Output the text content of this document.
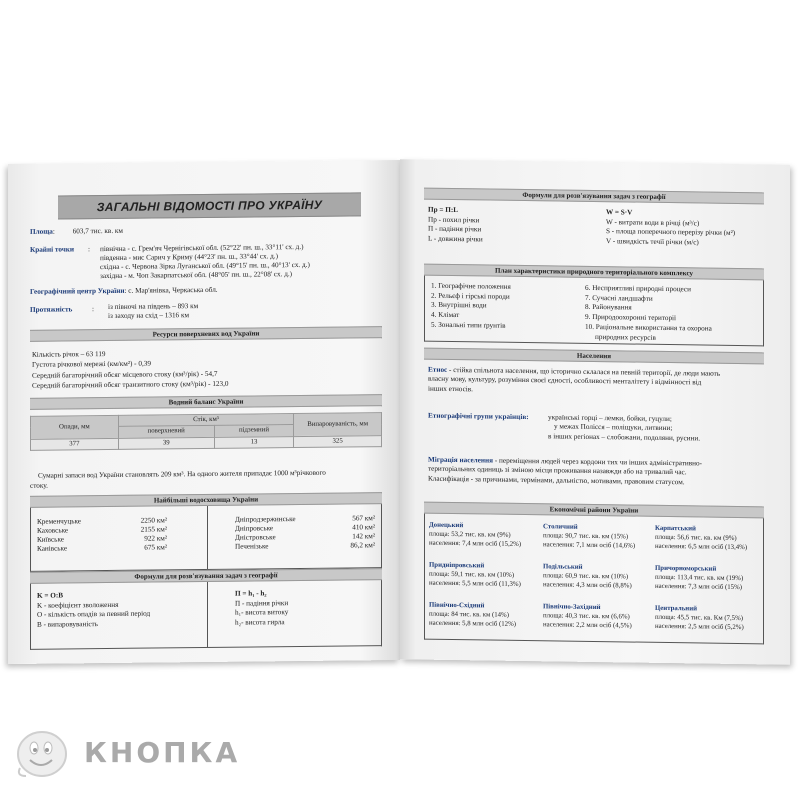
ЗАГАЛЬНІ ВІДОМОСТІ ПРО УКРАЇНУ
Площа: 603,7 тис. кв. км
Крайні точки : північна - с. Грем'яч Чернігівської обл. (52°22' пн. ш., 33°11' сх. д.)
південна - мис Сарич у Криму (44°23' пн. ш., 33°44' сх. д.)
східна - с. Червона Зірка Луганської обл. (49°15' пн. ш., 40°13' сх. д.)
західна - м. Чоп Закарпатської обл. (48°05' пн. ш., 22°08' сх. д.)
Географічний центр України: с. Мар'янівка, Черкаська обл.
Протяжність	: із півночі на південь – 893 км
із заходу на схід – 1316 км
Ресурси поверхневих вод України
Кількість річок – 63 119
Густота річкової мережі (км/км²) - 0,39
Середній багаторічний обсяг місцевого стоку (км³/рік) - 54,7
Середній багаторічний обсяг транзитного стоку (км³/рік) - 123,0
Водний баланс України
Опади, мм	Стік, км³		Випаровуваність, мм
	поверхневий	підземний	
377	39	13	325
Сумарні запаси вод України становлять 209 км³. На одного жителя припадає 1000 м³річкового
стоку.
Найбільші водосховища України
Кременчуцьке	2250 км²
Каховське	2155 км²
Київське	922 км²
Канівське	675 км²
Дніпродзержинське	567 км²
Дніпровське	410 км²
Дністровське	142 км²
Печенізьке	86,2 км²
Формули для розв'язування задач з географії
K = O:B
K - коефіцієнт зволоження
O - кількість опадів за певний період
B - випаровуваність
П = h₁ - h₂
П - падіння річки
h₁- висота витоку
h₂- висота гирла
Формули для розв'язування задач з географії
Пр = П:L
Пр - похил річки
П - падіння річки
L - довжина річки
W = S·V
W - витрати води в річці (м³/с)
S - площа поперечного перерізу річки (м²)
V - швидкість течії річки (м/с)
План характеристики природного територіального комплексу
1. Географічне положення
2. Рельєф і гірські породи
3. Внутрішні води
4. Клімат
5. Зональні типи ґрунтів
6. Несприятливі природні процеси
7. Сучасні ландшафти
8. Районування
9. Природоохоронні території
10. Раціональне використання та охорона
природних ресурсів
Населення
Етнос - стійка спільнота населення, що історично склалася на певній території, де люди мають
власну мову, культуру, розуміння своєї єдності, особливості менталітету і відмінності від
інших етносів.
Етнографічні групи українців:	українські горці – лемки, бойки, гуцули;
у межах Полісся – поліщуки, литвини;
в інших регіонах – слобожани, подоляни, русини.
Міграція населення - переміщення людей через кордони тих чи інших адміністративно-
територіальних одиниць зі зміною місця проживання назавжди або на тривалий час.
Класифікація - за причинами, термінами, дальністю, мотивами, правовим статусом.
Економічні райони України
Донецький
площа: 53,2 тис. кв. км (9%)
населення: 7,4 млн осіб (15,2%)
Столичний
площа: 90,7 тис. кв. км (15%)
населення: 7,1 млн осіб (14,6%)
Карпатський
площа: 56,6 тис. кв. км (9%)
населення: 6,5 млн осіб (13,4%)
Придніпровський
площа: 59,1 тис. кв. км (10%)
населення: 5,5 млн осіб (11,3%)
Подільський
площа: 60,9 тис. кв. км (10%)
населення: 4,3 млн осіб (8,8%)
Причорноморський
площа: 113,4 тис. кв. км (19%)
населення: 7,3 млн осіб (15%)
Північно-Східний
площа: 84 тис. кв. км (14%)
населення: 5,8 млн осіб (12%)
Північно-Західний
площа: 40,3 тис. кв. км (6,6%)
населення: 2,2 млн осіб (4,5%)
Центральний
площа: 45,5 тис. кв. Км (7,5%)
населення: 2,5 млн осіб (5,2%)
КНОПКА
